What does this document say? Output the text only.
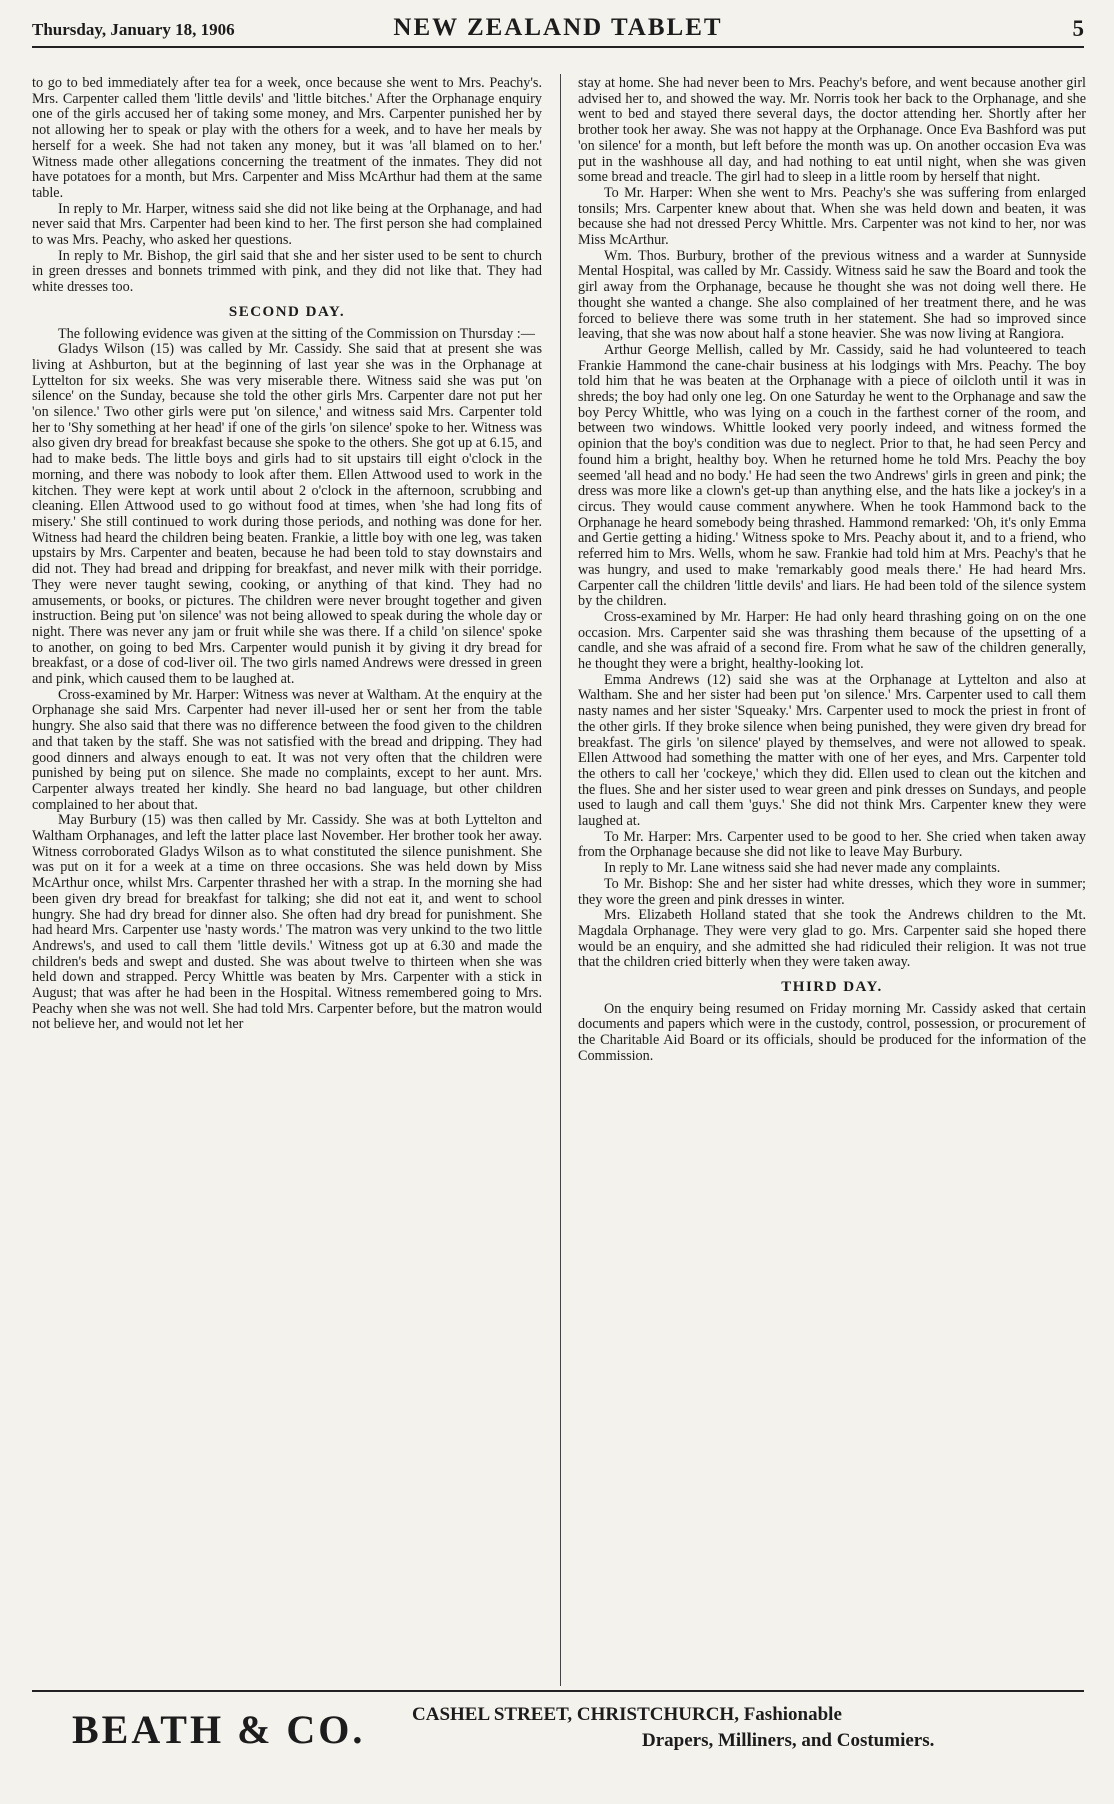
Thursday, January 18, 1906	NEW ZEALAND TABLET	5

to go to bed immediately after tea for a week, once because she went to Mrs. Peachy's. Mrs. Carpenter called them 'little devils' and 'little bitches.' After the Orphanage enquiry one of the girls accused her of taking some money, and Mrs. Carpenter punished her by not allowing her to speak or play with the others for a week, and to have her meals by herself for a week. She had not taken any money, but it was 'all blamed on to her.' Witness made other allegations concerning the treatment of the inmates. They did not have potatoes for a month, but Mrs. Carpenter and Miss McArthur had them at the same table.

In reply to Mr. Harper, witness said she did not like being at the Orphanage, and had never said that Mrs. Carpenter had been kind to her. The first person she had complained to was Mrs. Peachy, who asked her questions.

In reply to Mr. Bishop, the girl said that she and her sister used to be sent to church in green dresses and bonnets trimmed with pink, and they did not like that. They had white dresses too.

SECOND DAY.

The following evidence was given at the sitting of the Commission on Thursday :—

Gladys Wilson (15) was called by Mr. Cassidy. She said that at present she was living at Ashburton, but at the beginning of last year she was in the Orphanage at Lyttelton for six weeks. She was very miserable there. Witness said she was put 'on silence' on the Sunday, because she told the other girls Mrs. Carpenter dare not put her 'on silence.' Two other girls were put 'on silence,' and witness said Mrs. Carpenter told her to 'Shy something at her head' if one of the girls 'on silence' spoke to her. Witness was also given dry bread for breakfast because she spoke to the others. She got up at 6.15, and had to make beds. The little boys and girls had to sit upstairs till eight o'clock in the morning, and there was nobody to look after them. Ellen Attwood used to work in the kitchen. They were kept at work until about 2 o'clock in the afternoon, scrubbing and cleaning. Ellen Attwood used to go without food at times, when 'she had long fits of misery.' She still continued to work during those periods, and nothing was done for her. Witness had heard the children being beaten. Frankie, a little boy with one leg, was taken upstairs by Mrs. Carpenter and beaten, because he had been told to stay downstairs and did not. They had bread and dripping for breakfast, and never milk with their porridge. They were never taught sewing, cooking, or anything of that kind. They had no amusements, or books, or pictures. The children were never brought together and given instruction. Being put 'on silence' was not being allowed to speak during the whole day or night. There was never any jam or fruit while she was there. If a child 'on silence' spoke to another, on going to bed Mrs. Carpenter would punish it by giving it dry bread for breakfast, or a dose of cod-liver oil. The two girls named Andrews were dressed in green and pink, which caused them to be laughed at.

Cross-examined by Mr. Harper: Witness was never at Waltham. At the enquiry at the Orphanage she said Mrs. Carpenter had never ill-used her or sent her from the table hungry. She also said that there was no difference between the food given to the children and that taken by the staff. She was not satisfied with the bread and dripping. They had good dinners and always enough to eat. It was not very often that the children were punished by being put on silence. She made no complaints, except to her aunt. Mrs. Carpenter always treated her kindly. She heard no bad language, but other children complained to her about that.

May Burbury (15) was then called by Mr. Cassidy. She was at both Lyttelton and Waltham Orphanages, and left the latter place last November. Her brother took her away. Witness corroborated Gladys Wilson as to what constituted the silence punishment. She was put on it for a week at a time on three occasions. She was held down by Miss McArthur once, whilst Mrs. Carpenter thrashed her with a strap. In the morning she had been given dry bread for breakfast for talking; she did not eat it, and went to school hungry. She had dry bread for dinner also. She often had dry bread for punishment. She had heard Mrs. Carpenter use 'nasty words.' The matron was very unkind to the two little Andrews's, and used to call them 'little devils.' Witness got up at 6.30 and made the children's beds and swept and dusted. She was about twelve to thirteen when she was held down and strapped. Percy Whittle was beaten by Mrs. Carpenter with a stick in August; that was after he had been in the Hospital. Witness remembered going to Mrs. Peachy when she was not well. She had told Mrs. Carpenter before, but the matron would not believe her, and would not let her

stay at home. She had never been to Mrs. Peachy's before, and went because another girl advised her to, and showed the way. Mr. Norris took her back to the Orphanage, and she went to bed and stayed there several days, the doctor attending her. Shortly after her brother took her away. She was not happy at the Orphanage. Once Eva Bashford was put 'on silence' for a month, but left before the month was up. On another occasion Eva was put in the washhouse all day, and had nothing to eat until night, when she was given some bread and treacle. The girl had to sleep in a little room by herself that night.

To Mr. Harper: When she went to Mrs. Peachy's she was suffering from enlarged tonsils; Mrs. Carpenter knew about that. When she was held down and beaten, it was because she had not dressed Percy Whittle. Mrs. Carpenter was not kind to her, nor was Miss McArthur.

Wm. Thos. Burbury, brother of the previous witness and a warder at Sunnyside Mental Hospital, was called by Mr. Cassidy. Witness said he saw the Board and took the girl away from the Orphanage, because he thought she was not doing well there. He thought she wanted a change. She also complained of her treatment there, and he was forced to believe there was some truth in her statement. She had so improved since leaving, that she was now about half a stone heavier. She was now living at Rangiora.

Arthur George Mellish, called by Mr. Cassidy, said he had volunteered to teach Frankie Hammond the cane-chair business at his lodgings with Mrs. Peachy. The boy told him that he was beaten at the Orphanage with a piece of oilcloth until it was in shreds; the boy had only one leg. On one Saturday he went to the Orphanage and saw the boy Percy Whittle, who was lying on a couch in the farthest corner of the room, and between two windows. Whittle looked very poorly indeed, and witness formed the opinion that the boy's condition was due to neglect. Prior to that, he had seen Percy and found him a bright, healthy boy. When he returned home he told Mrs. Peachy the boy seemed 'all head and no body.' He had seen the two Andrews' girls in green and pink; the dress was more like a clown's get-up than anything else, and the hats like a jockey's in a circus. They would cause comment anywhere. When he took Hammond back to the Orphanage he heard somebody being thrashed. Hammond remarked: 'Oh, it's only Emma and Gertie getting a hiding.' Witness spoke to Mrs. Peachy about it, and to a friend, who referred him to Mrs. Wells, whom he saw. Frankie had told him at Mrs. Peachy's that he was hungry, and used to make 'remarkably good meals there.' He had heard Mrs. Carpenter call the children 'little devils' and liars. He had been told of the silence system by the children.

Cross-examined by Mr. Harper: He had only heard thrashing going on on the one occasion. Mrs. Carpenter said she was thrashing them because of the upsetting of a candle, and she was afraid of a second fire. From what he saw of the children generally, he thought they were a bright, healthy-looking lot.

Emma Andrews (12) said she was at the Orphanage at Lyttelton and also at Waltham. She and her sister had been put 'on silence.' Mrs. Carpenter used to call them nasty names and her sister 'Squeaky.' Mrs. Carpenter used to mock the priest in front of the other girls. If they broke silence when being punished, they were given dry bread for breakfast. The girls 'on silence' played by themselves, and were not allowed to speak. Ellen Attwood had something the matter with one of her eyes, and Mrs. Carpenter told the others to call her 'cockeye,' which they did. Ellen used to clean out the kitchen and the flues. She and her sister used to wear green and pink dresses on Sundays, and people used to laugh and call them 'guys.' She did not think Mrs. Carpenter knew they were laughed at.

To Mr. Harper: Mrs. Carpenter used to be good to her. She cried when taken away from the Orphanage because she did not like to leave May Burbury.

In reply to Mr. Lane witness said she had never made any complaints.

To Mr. Bishop: She and her sister had white dresses, which they wore in summer; they wore the green and pink dresses in winter.

Mrs. Elizabeth Holland stated that she took the Andrews children to the Mt. Magdala Orphanage. They were very glad to go. Mrs. Carpenter said she hoped there would be an enquiry, and she admitted she had ridiculed their religion. It was not true that the children cried bitterly when they were taken away.

THIRD DAY.

On the enquiry being resumed on Friday morning Mr. Cassidy asked that certain documents and papers which were in the custody, control, possession, or procurement of the Charitable Aid Board or its officials, should be produced for the information of the Commission.

BEATH & CO. CASHEL STREET, CHRISTCHURCH, Fashionable
Drapers, Milliners, and Costumiers.
